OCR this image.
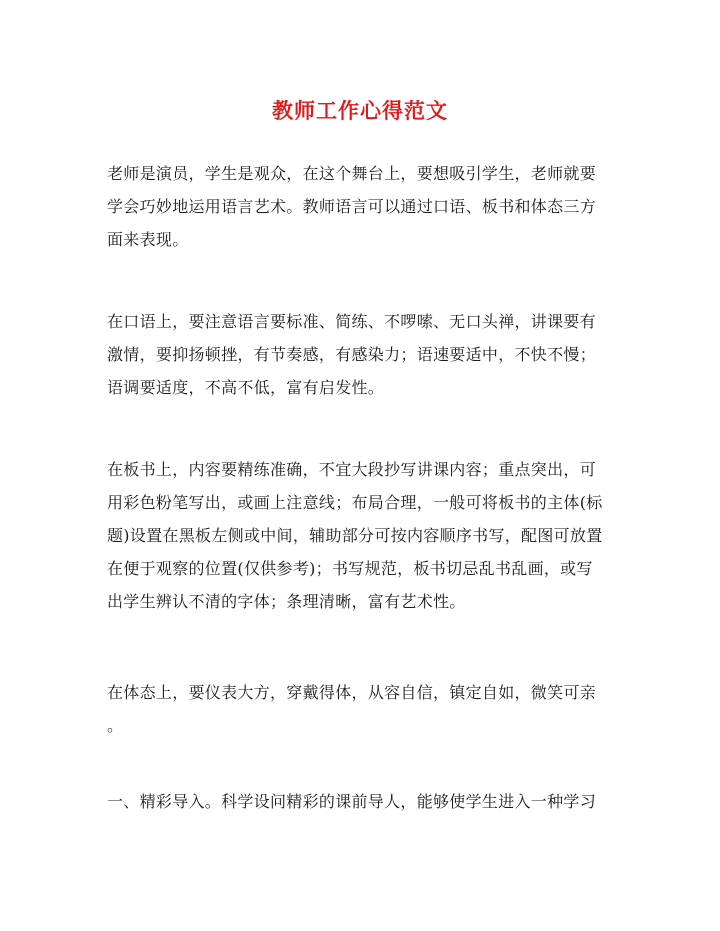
教师工作心得范文
老师是演员，学生是观众，在这个舞台上，要想吸引学生，老师就要
学会巧妙地运用语言艺术。教师语言可以通过口语、板书和体态三方
面来表现。
在口语上，要注意语言要标准、简练、不啰嗦、无口头禅，讲课要有
激情，要抑扬顿挫，有节奏感，有感染力；语速要适中，不快不慢；
语调要适度，不高不低，富有启发性。
在板书上，内容要精练准确，不宜大段抄写讲课内容；重点突出，可
用彩色粉笔写出，或画上注意线；布局合理，一般可将板书的主体(标
题)设置在黑板左侧或中间，辅助部分可按内容顺序书写，配图可放置
在便于观察的位置(仅供参考)；书写规范，板书切忌乱书乱画，或写
出学生辨认不清的字体；条理清晰，富有艺术性。
在体态上，要仪表大方，穿戴得体，从容自信，镇定自如，微笑可亲
。
一、精彩导入。科学设问精彩的课前导人，能够使学生进入一种学习
